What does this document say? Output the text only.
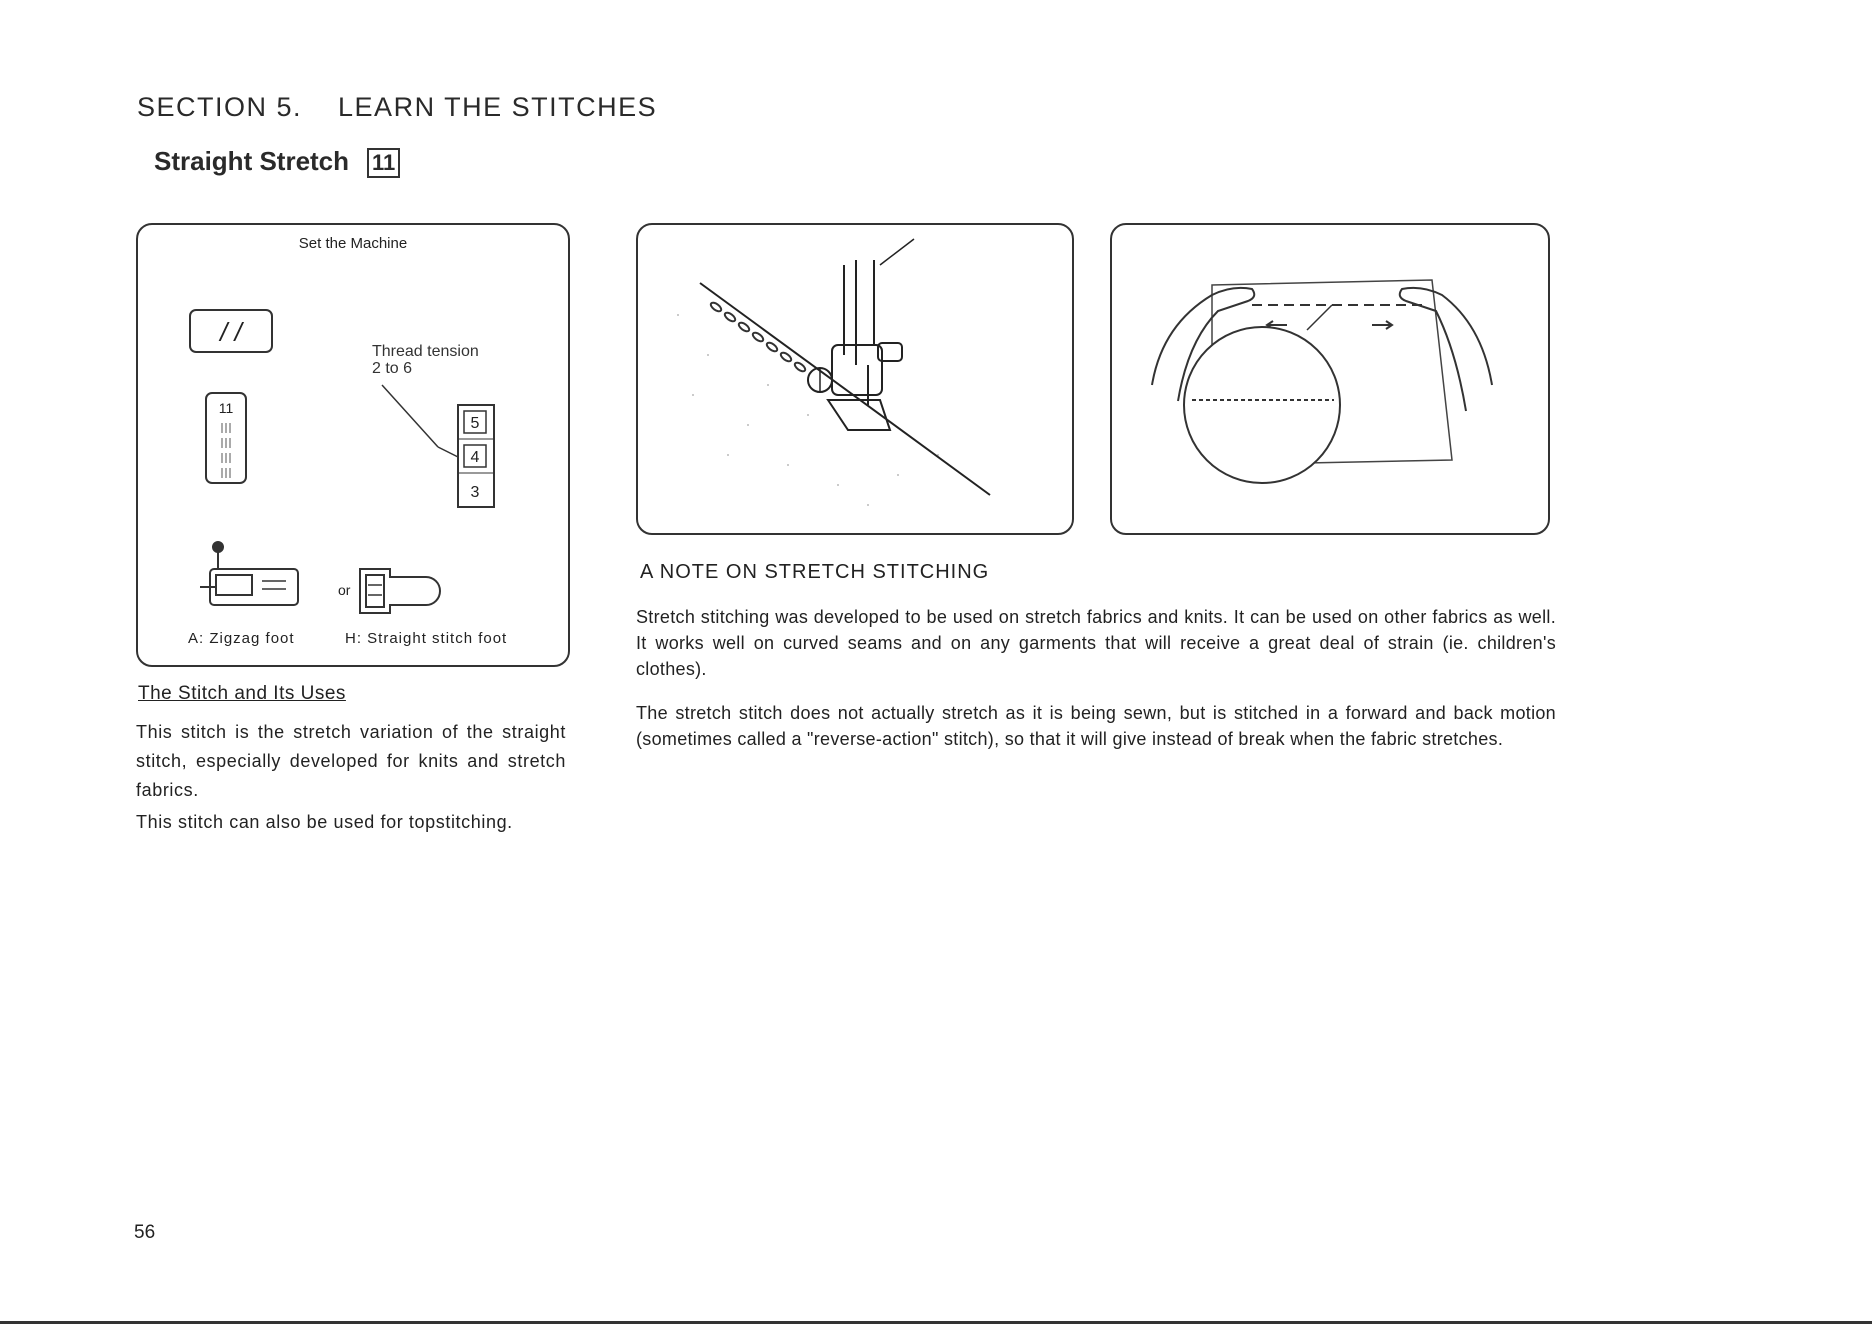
SECTION 5. LEARN THE STITCHES
Straight Stretch 11
Set the Machine
/ /
11
5
4
3
Thread tension
2 to 6
or
A: Zigzag foot	H: Straight stitch foot
The Stitch and Its Uses
This stitch is the stretch variation of the straight stitch, especially developed for knits and stretch fabrics.
This stitch can also be used for topstitching.
A NOTE ON STRETCH STITCHING
Stretch stitching was developed to be used on stretch fabrics and knits. It can be used on other fabrics as well. It works well on curved seams and on any garments that will receive a great deal of strain (ie. children's clothes).
The stretch stitch does not actually stretch as it is being sewn, but is stitched in a forward and back motion (sometimes called a "reverse-action" stitch), so that it will give instead of break when the fabric stretches.
56
